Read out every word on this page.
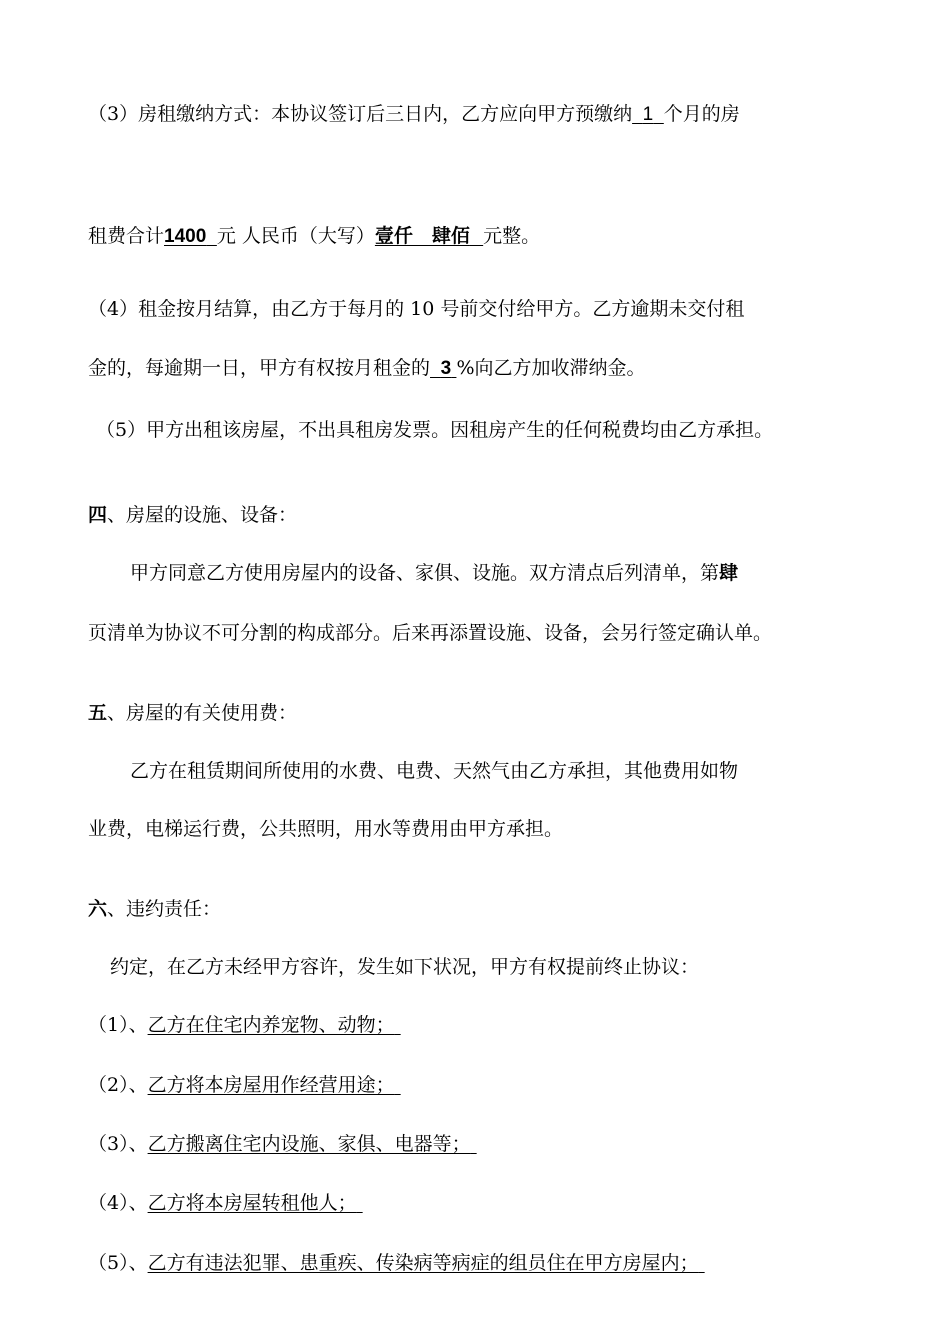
（3）房租缴纳方式：本协议签订后三日内，乙方应向甲方预缴纳 1 个月的房
租费合计1400 元 人民币（大写）壹仟　肆佰 元整。
（4）租金按月结算，由乙方于每月的 10 号前交付给甲方。乙方逾期未交付租
金的，每逾期一日，甲方有权按月租金的 3 %向乙方加收滞纳金。
（5）甲方出租该房屋，不出具租房发票。因租房产生的任何税费均由乙方承担。
四、房屋的设施、设备：
甲方同意乙方使用房屋内的设备、家俱、设施。双方清点后列清单，第肆
页清单为协议不可分割的构成部分。后来再添置设施、设备，会另行签定确认单。
五、房屋的有关使用费：
乙方在租赁期间所使用的水费、电费、天然气由乙方承担，其他费用如物
业费，电梯运行费，公共照明，用水等费用由甲方承担。
六、违约责任：
约定，在乙方未经甲方容许，发生如下状况，甲方有权提前终止协议：
（1）、乙方在住宅内养宠物、动物；
（2）、乙方将本房屋用作经营用途；
（3）、乙方搬离住宅内设施、家俱、电器等；
（4）、乙方将本房屋转租他人；
（5）、乙方有违法犯罪、患重疾、传染病等病症的组员住在甲方房屋内；
